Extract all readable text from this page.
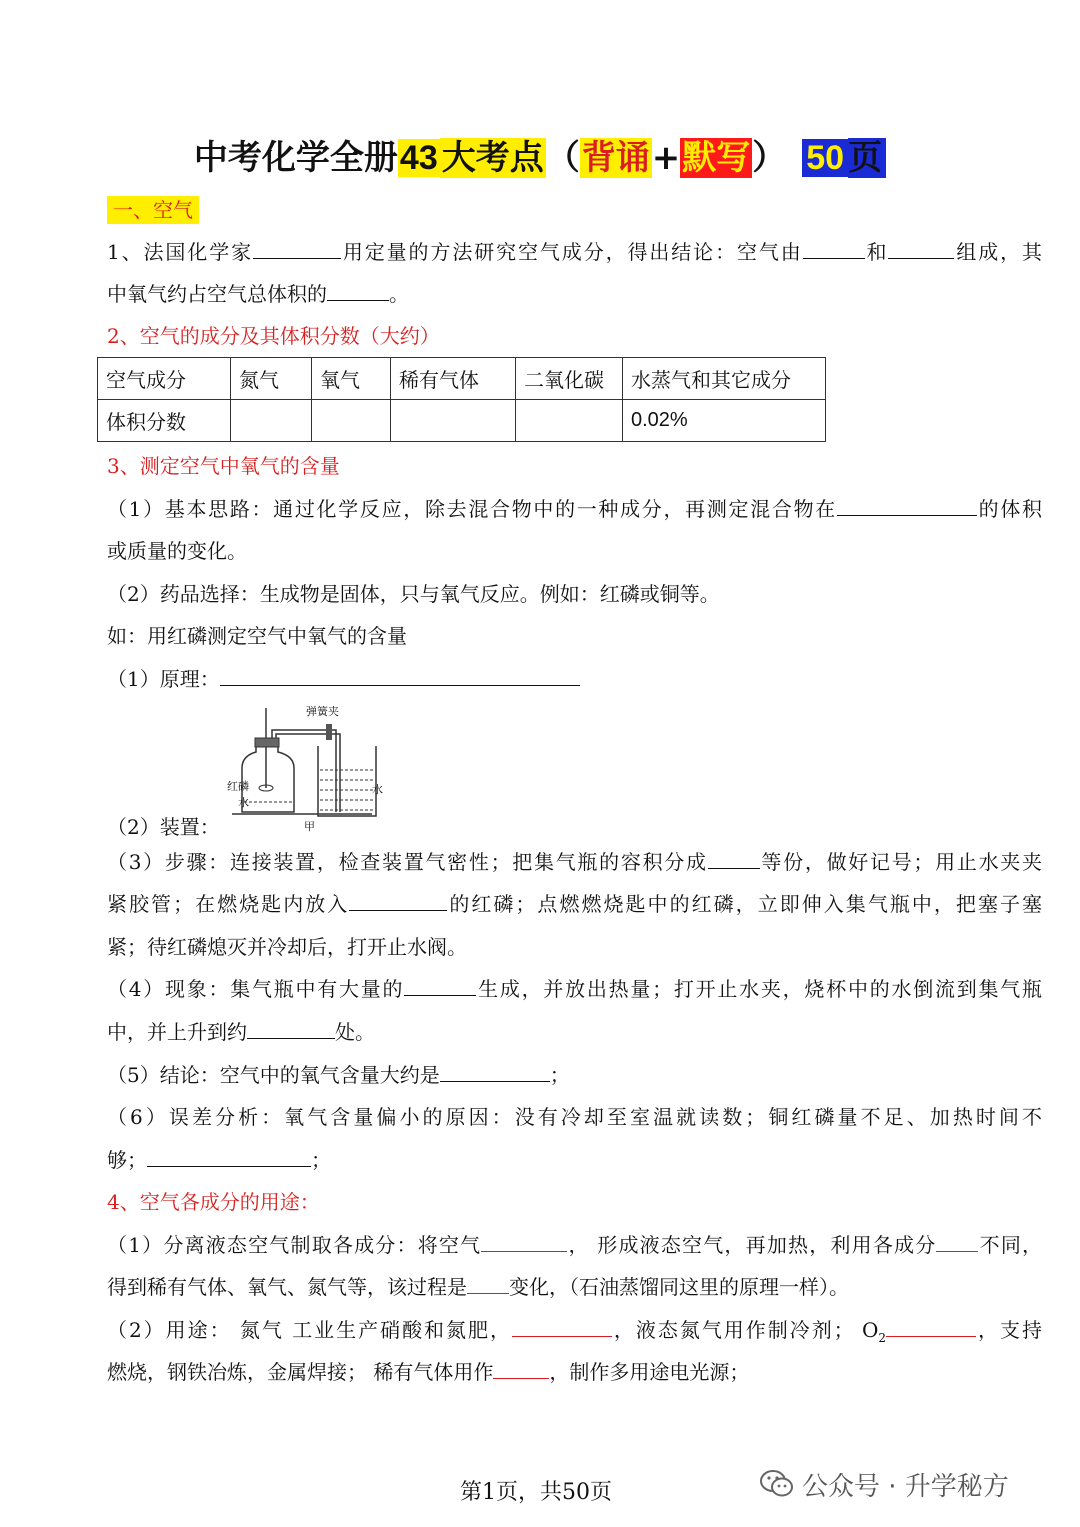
中考化学全册43 大考点（背诵+默写） 50 页
一、空气
1、法国化学家	用定量的方法研究空气成分，得出结论：空气由	和	组成，其
中氧气约占空气总体积的	。
2、空气的成分及其体积分数（大约）
空气成分	氮气	氧气	稀有气体	二氧化碳	水蒸气和其它成分
体积分数					0.02%
3、测定空气中氧气的含量
（1）基本思路：通过化学反应，除去混合物中的一种成分，再测定混合物在	的体积
或质量的变化。
（2）药品选择：生成物是固体，只与氧气反应。例如：红磷或铜等。
如：用红磷测定空气中氧气的含量
（1）原理：
弹簧夹
红磷
水
水
甲
（2）装置：
（3）步骤：连接装置，检查装置气密性；把集气瓶的容积分成	等份，做好记号；用止水夹夹
紧胶管；在燃烧匙内放入	的红磷；点燃燃烧匙中的红磷，立即伸入集气瓶中，把塞子塞
紧；待红磷熄灭并冷却后，打开止水阀。
（4）现象：集气瓶中有大量的	生成，并放出热量；打开止水夹，烧杯中的水倒流到集气瓶
中，并上升到约	处。
（5）结论：空气中的氧气含量大约是	；
（6）误差分析：氧气含量偏小的原因：没有冷却至室温就读数；铜红磷量不足、加热时间不
够；	；
4、空气各成分的用途：
（1）分离液态空气制取各成分：将空气	， 形成液态空气，再加热，利用各成分 不同，
得到稀有气体、氧气、氮气等，该过程是 变化，（石油蒸馏同这里的原理一样）。
（2）用途： 氮气 工业生产硝酸和氮肥，	，液态氮气用作制冷剂； $O_2$	，支持
燃烧，钢铁冶炼，金属焊接； 稀有气体用作	，制作多用途电光源；
第1页，共50页	公众号 · 升学秘方
